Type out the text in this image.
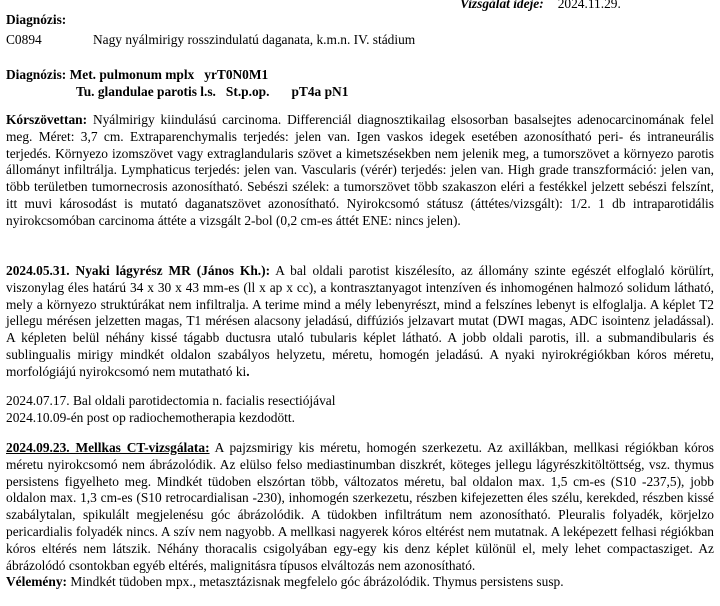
Vizsgálat ideje: 2024.11.29.
Diagnózis:
C0894	Nagy nyálmirigy rosszindulatú daganata, k.m.n. IV. stádium
Diagnózis: Met. pulmonum mplx yrT0N0M1
Tu. glandulae parotis l.s. St.p.op. pT4a pN1

Kórszövettan: Nyálmirigy kiindulású carcinoma. Differenciál diagnosztikailag elsosorban basalsejtes adenocarcinomának felel meg. Méret: 3,7 cm. Extraparenchymalis terjedés: jelen van. Igen vaskos idegek esetében azonosítható peri- és intraneurális terjedés. Környezo izomszövet vagy extraglandularis szövet a kimetszésekben nem jelenik meg, a tumorszövet a környezo parotis állományt infiltrálja. Lymphaticus terjedés: jelen van. Vascularis (vérér) terjedés: jelen van. High grade transzformáció: jelen van, több területben tumornecrosis azonosítható. Sebészi szélek: a tumorszövet több szakaszon eléri a festékkel jelzett sebészi felszínt, itt muvi károsodást is mutató daganatszövet azonosítható. Nyirokcsomó státusz (áttétes/vizsgált): 1/2. 1 db intraparotidális nyirokcsomóban carcinoma áttéte a vizsgált 2-bol (0,2 cm-es áttét ENE: nincs jelen).

2024.05.31. Nyaki lágyrész MR (János Kh.): A bal oldali parotist kiszélesíto, az állomány szinte egészét elfoglaló körülírt, viszonylag éles határú 34 x 30 x 43 mm-es (ll x ap x cc), a kontrasztanyagot intenzíven és inhomogénen halmozó solidum látható, mely a környezo struktúrákat nem infiltralja. A terime mind a mély lebenyrészt, mind a felszínes lebenyt is elfoglalja. A képlet T2 jellegu mérésen jelzetten magas, T1 mérésen alacsony jeladású, diffúziós jelzavart mutat (DWI magas, ADC isointenz jeladással). A képleten belül néhány kissé tágabb ductusra utaló tubularis képlet látható. A jobb oldali parotis, ill. a submandibularis és sublingualis mirigy mindkét oldalon szabályos helyzetu, méretu, homogén jeladású. A nyaki nyirokrégiókban kóros méretu, morfológiájú nyirokcsomó nem mutatható ki.

2024.07.17. Bal oldali parotidectomia n. facialis resectiójával
2024.10.09-én post op radiochemotherapia kezdodött.

2024.09.23. Mellkas CT-vizsgálata: A pajzsmirigy kis méretu, homogén szerkezetu. Az axillákban, mellkasi régiókban kóros méretu nyirokcsomó nem ábrázolódik. Az elülso felso mediastinumban diszkrét, köteges jellegu lágyrészkitöltöttség, vsz. thymus persistens figyelheto meg. Mindkét tüdoben elszórtan több, változatos méretu, bal oldalon max. 1,5 cm-es (S10 -237,5), jobb oldalon max. 1,3 cm-es (S10 retrocardialisan -230), inhomogén szerkezetu, részben kifejezetten éles szélu, kerekded, részben kissé szabálytalan, spikulált megjelenésu góc ábrázolódik. A tüdokben infiltrátum nem azonosítható. Pleuralis folyadék, körjelzo pericardialis folyadék nincs. A szív nem nagyobb. A mellkasi nagyerek kóros eltérést nem mutatnak. A leképezett felhasi régiókban kóros eltérés nem látszik. Néhány thoracalis csigolyában egy-egy kis denz képlet különül el, mely lehet compactasziget. Az ábrázolódó csontokban egyéb eltérés, malignitásra típusos elváltozás nem azonosítható.
Vélemény: Mindkét tüdoben mpx., metasztázisnak megfelelo góc ábrázolódik. Thymus persistens susp.
